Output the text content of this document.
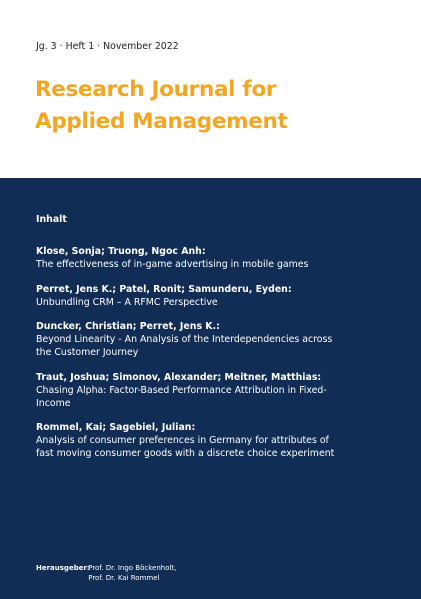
Jg. 3 · Heft 1 · November 2022
Research Journal for
Applied Management
Inhalt
Klose, Sonja; Truong, Ngoc Anh:
The effectiveness of in-game advertising in mobile games
Perret, Jens K.; Patel, Ronit; Samunderu, Eyden:
Unbundling CRM – A RFMC Perspective
Duncker, Christian; Perret, Jens K.:
Beyond Linearity - An Analysis of the Interdependencies across the Customer Journey
Traut, Joshua; Simonov, Alexander; Meitner, Matthias:
Chasing Alpha: Factor-Based Performance Attribution in Fixed-Income
Rommel, Kai; Sagebiel, Julian:
Analysis of consumer preferences in Germany for attributes of fast moving consumer goods with a discrete choice experiment
Herausgeber:
Prof. Dr. Ingo Böckenholt,
Prof. Dr. Kai Rommel
